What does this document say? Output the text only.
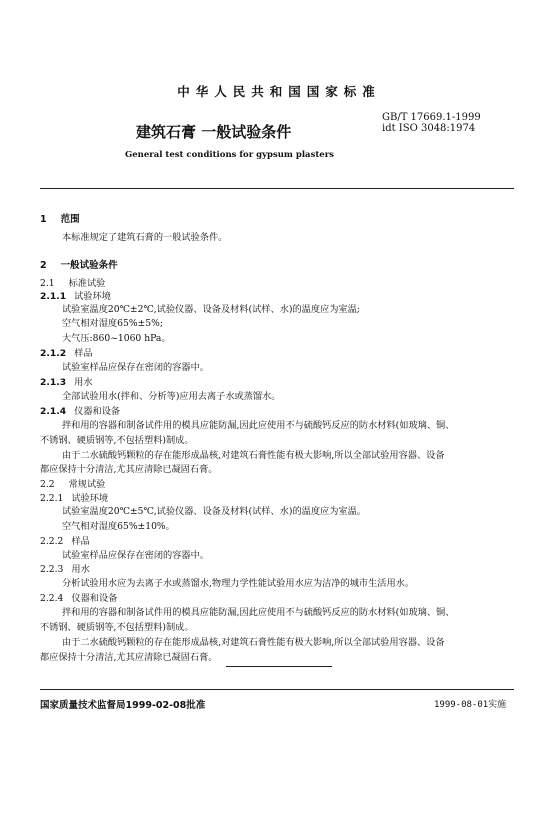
中华人民共和国国家标准
GB/T 17669.1-1999
idt ISO 3048:1974
建筑石膏 一般试验条件
General test conditions for gypsum plasters
1 范围
本标准规定了建筑石膏的一般试验条件。
2 一般试验条件
2.1 标准试验
2.1.1 试验环境
试验室温度20℃±2℃,试验仪器、设备及材料(试样、水)的温度应为室温;
空气相对湿度65%±5%;
大气压:860~1060 hPa。
2.1.2 样品
试验室样品应保存在密闭的容器中。
2.1.3 用水
全部试验用水(拌和、分析等)应用去离子水或蒸馏水。
2.1.4 仪器和设备
拌和用的容器和制备试件用的模具应能防漏,因此应使用不与硫酸钙反应的防水材料(如玻璃、铜、
不锈钢、硬质钢等,不包括塑料)制成。
由于二水硫酸钙颗粒的存在能形成晶核,对建筑石膏性能有极大影响,所以全部试验用容器、设备
都应保持十分清洁,尤其应清除已凝固石膏。
2.2 常规试验
2.2.1 试验环境
试验室温度20℃±5℃,试验仪器、设备及材料(试样、水)的温度应为室温。
空气相对湿度65%±10%。
2.2.2 样品
试验室样品应保存在密闭的容器中。
2.2.3 用水
分析试验用水应为去离子水或蒸馏水,物理力学性能试验用水应为洁净的城市生活用水。
2.2.4 仪器和设备
拌和用的容器和制备试件用的模具应能防漏,因此应使用不与硫酸钙反应的防水材料(如玻璃、铜、
不锈钢、硬质钢等,不包括塑料)制成。
由于二水硫酸钙颗粒的存在能形成晶核,对建筑石膏性能有极大影响,所以全部试验用容器、设备
都应保持十分清洁,尤其应清除已凝固石膏。
国家质量技术监督局1999-02-08批准	1999-08-01实施
